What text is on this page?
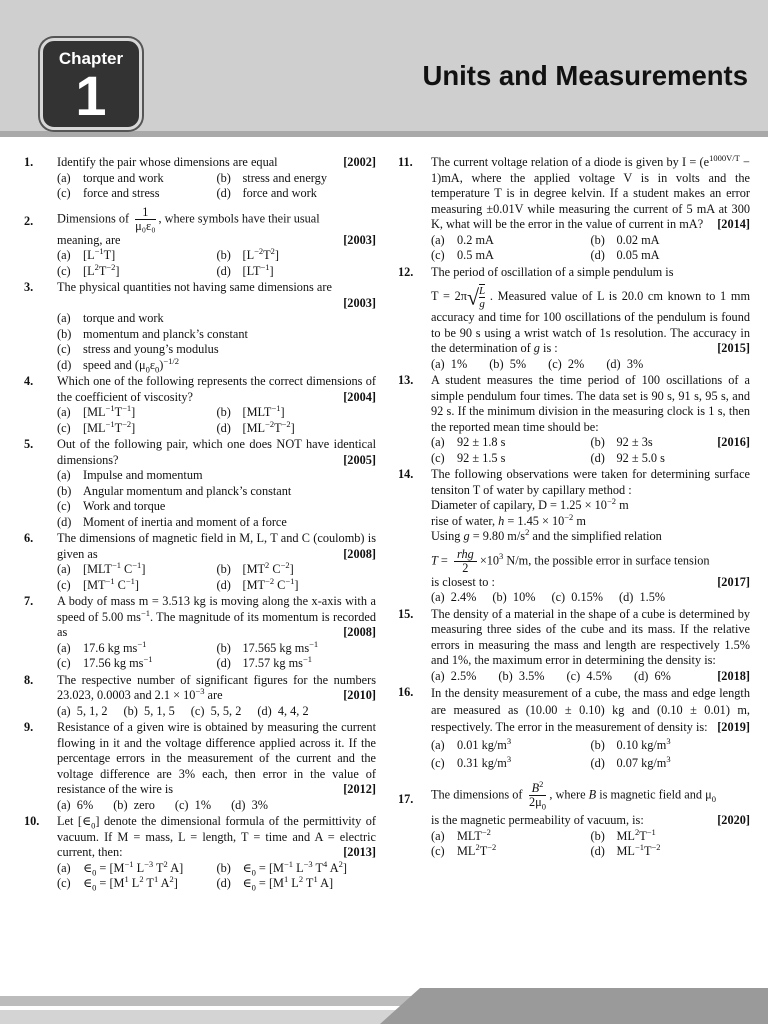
Chapter
1	Units and Measurements
1. Identify the pair whose dimensions are equal	[2002]
(a) torque and work	(b) stress and energy
(c) force and stress	(d) force and work
2. Dimensions of $\frac{1}{\text{μ₀ε₀}}$ , where symbols have their usual
meaning, are	[2003]
(a) $[L^{-1}T]$	(b) $[L^{-2}T^2]$
(c) $[L^2T^{-2}]$	(d) $[LT^{-1}]$
3. The physical quantities not having same dimensions are
[2003]

(a) torque and work
(b) momentum and planck’s constant
(c) stress and young’s modulus
(d) speed and $(\mu_0\varepsilon_0)^{-1/2}$
4. Which one of the following represents the correct dimensions of the coefficient of viscosity?	[2004]
(a) $[ML^{-1}T^{-1}]$	(b) $[MLT^{-1}]$
(c) $[ML^{-1}T^{-2}]$	(d) $[ML^{-2}T^{-2}]$
5. Out of the following pair, which one does NOT have identical dimensions?	[2005]
(a) Impulse and momentum
(b) Angular momentum and planck’s constant
(c) Work and torque
(d) Moment of inertia and moment of a force
6. The dimensions of magnetic field in M, L, T and C (coulomb) is given as	[2008]
(a) [$MLT^{-1}$ $C^{-1}$]	(b) [$MT^2$ $C^{-2}$]
(c) [$MT^{-1}$ $C^{-1}$]	(d) [$MT^{-2}$ $C^{-1}$]
7. A body of mass m = 3.513 kg is moving along the x-axis with a speed of 5.00 $ms^{-1}$. The magnitude of its momentum is recorded as	[2008]
(a) 17.6 kg $ms^{-1}$	(b) 17.565 kg $ms^{-1}$
(c) 17.56 kg $ms^{-1}$	(d) 17.57 kg $ms^{-1}$
8. The respective number of significant figures for the numbers 23.023, 0.0003 and $2.1 \times 10^{-3}$ are	[2010]
(a)  5, 1, 2 (b)  5, 1, 5 (c)  5, 5, 2 (d)  4, 4, 2
9. Resistance of a given wire is obtained by measuring the current flowing in it and the voltage difference applied across it. If the percentage errors in the measurement of the current and the voltage difference are 3% each, then error in the value of resistance of the wire is	[2012]
(a)  6% (b)  zero (c)  1% (d)  3%
10. Let $[\in_0]$ denote the dimensional formula of the permittivity of vacuum. If M = mass, L = length, T = time and A = electric current, then:	[2013]
(a) $\in_0 = [M^{-1}$ $L^{-3}$ $T^2$ A]	(b) $\in_0 = [M^{-1}$ $L^{-3}$ $T^4$ $A^2$]
(c) $\in_0 = [M^1$ $L^2$ $T^1$ $A^2$]	(d) $\in_0 = [M^1$ $L^2$ $T^1$ A]
11. The current voltage relation of a diode is given by $I = (e^{1000V/T} - 1)mA$, where the applied voltage V is in volts and the temperature T is in degree kelvin. If a student makes an error measuring ±0.01V while measuring the current of 5 mA at 300 K, what will be the error in the value of current in mA? [2014]
(a) 0.2 mA	(b) 0.02 mA
(c) 0.5 mA	(d) 0.05 mA
12. The period of oscillation of a simple pendulum is
$T = 2\pi√ \frac{L}{g}$ . Measured value of L is 20.0 cm known to 1 mm accuracy and time for 100 oscillations of the pendulum is found to be 90 s using a wrist watch of 1s resolution. The accuracy in the determination of g is :	[2015]
(a)  1% (b)  5% (c)  2% (d)  3%
13. A student measures the time period of 100 oscillations of a simple pendulum four times. The data set is 90 s, 91 s, 95 s, and 92 s. If the minimum division in the measuring clock is 1 s, then the reported mean time should be:
(a) 92 ± 1.8 s	(b) 92 ± 3s	[2016]
(c) 92 ± 1.5 s	(d) 92 ± 5.0 s
14. The following observations were taken for determining surface tensiton T of water by capillary method :
Diameter of capilary, $D = 1.25 \times 10^{-2}$ m
rise of water, $h = 1.45 \times 10^{-2}$ m
Using g = 9.80 $m/s^2$ and the simplified relation
$T = \frac{\text{rhg}}{2} \times 10^3$ N/m, the possible error in surface tension
is closest to :	[2017]
(a)  2.4% (b)  10% (c)  0.15% (d)  1.5%
15. The density of a material in the shape of a cube is determined by measuring three sides of the cube and its mass. If the relative errors in measuring the mass and length are respectively 1.5% and 1%, the maximum error in determining the density is:
[2018]
(a)  2.5% (b)  3.5% (c)  4.5% (d)  6%
16. In the density measurement of a cube, the mass and edge length are measured as (10.00 ± 0.10) kg and (0.10 ± 0.01) m, respectively. The error in the measurement of density is: [2019]
(a) 0.01 $kg/m^3$	(b) 0.10 $kg/m^3$
(c) 0.31 $kg/m^3$	(d) 0.07 $kg/m^3$
17. The dimensions of $\frac{B^2}{2\mu_0}$ , where B is magnetic field and $\mu_0$
is the magnetic permeability of vacuum, is:	[2020]
(a) $MLT^{-2}$	(b) $ML^2T^{-1}$
(c) $ML^2T^{-2}$	(d) $ML^{-1}T^{-2}$
